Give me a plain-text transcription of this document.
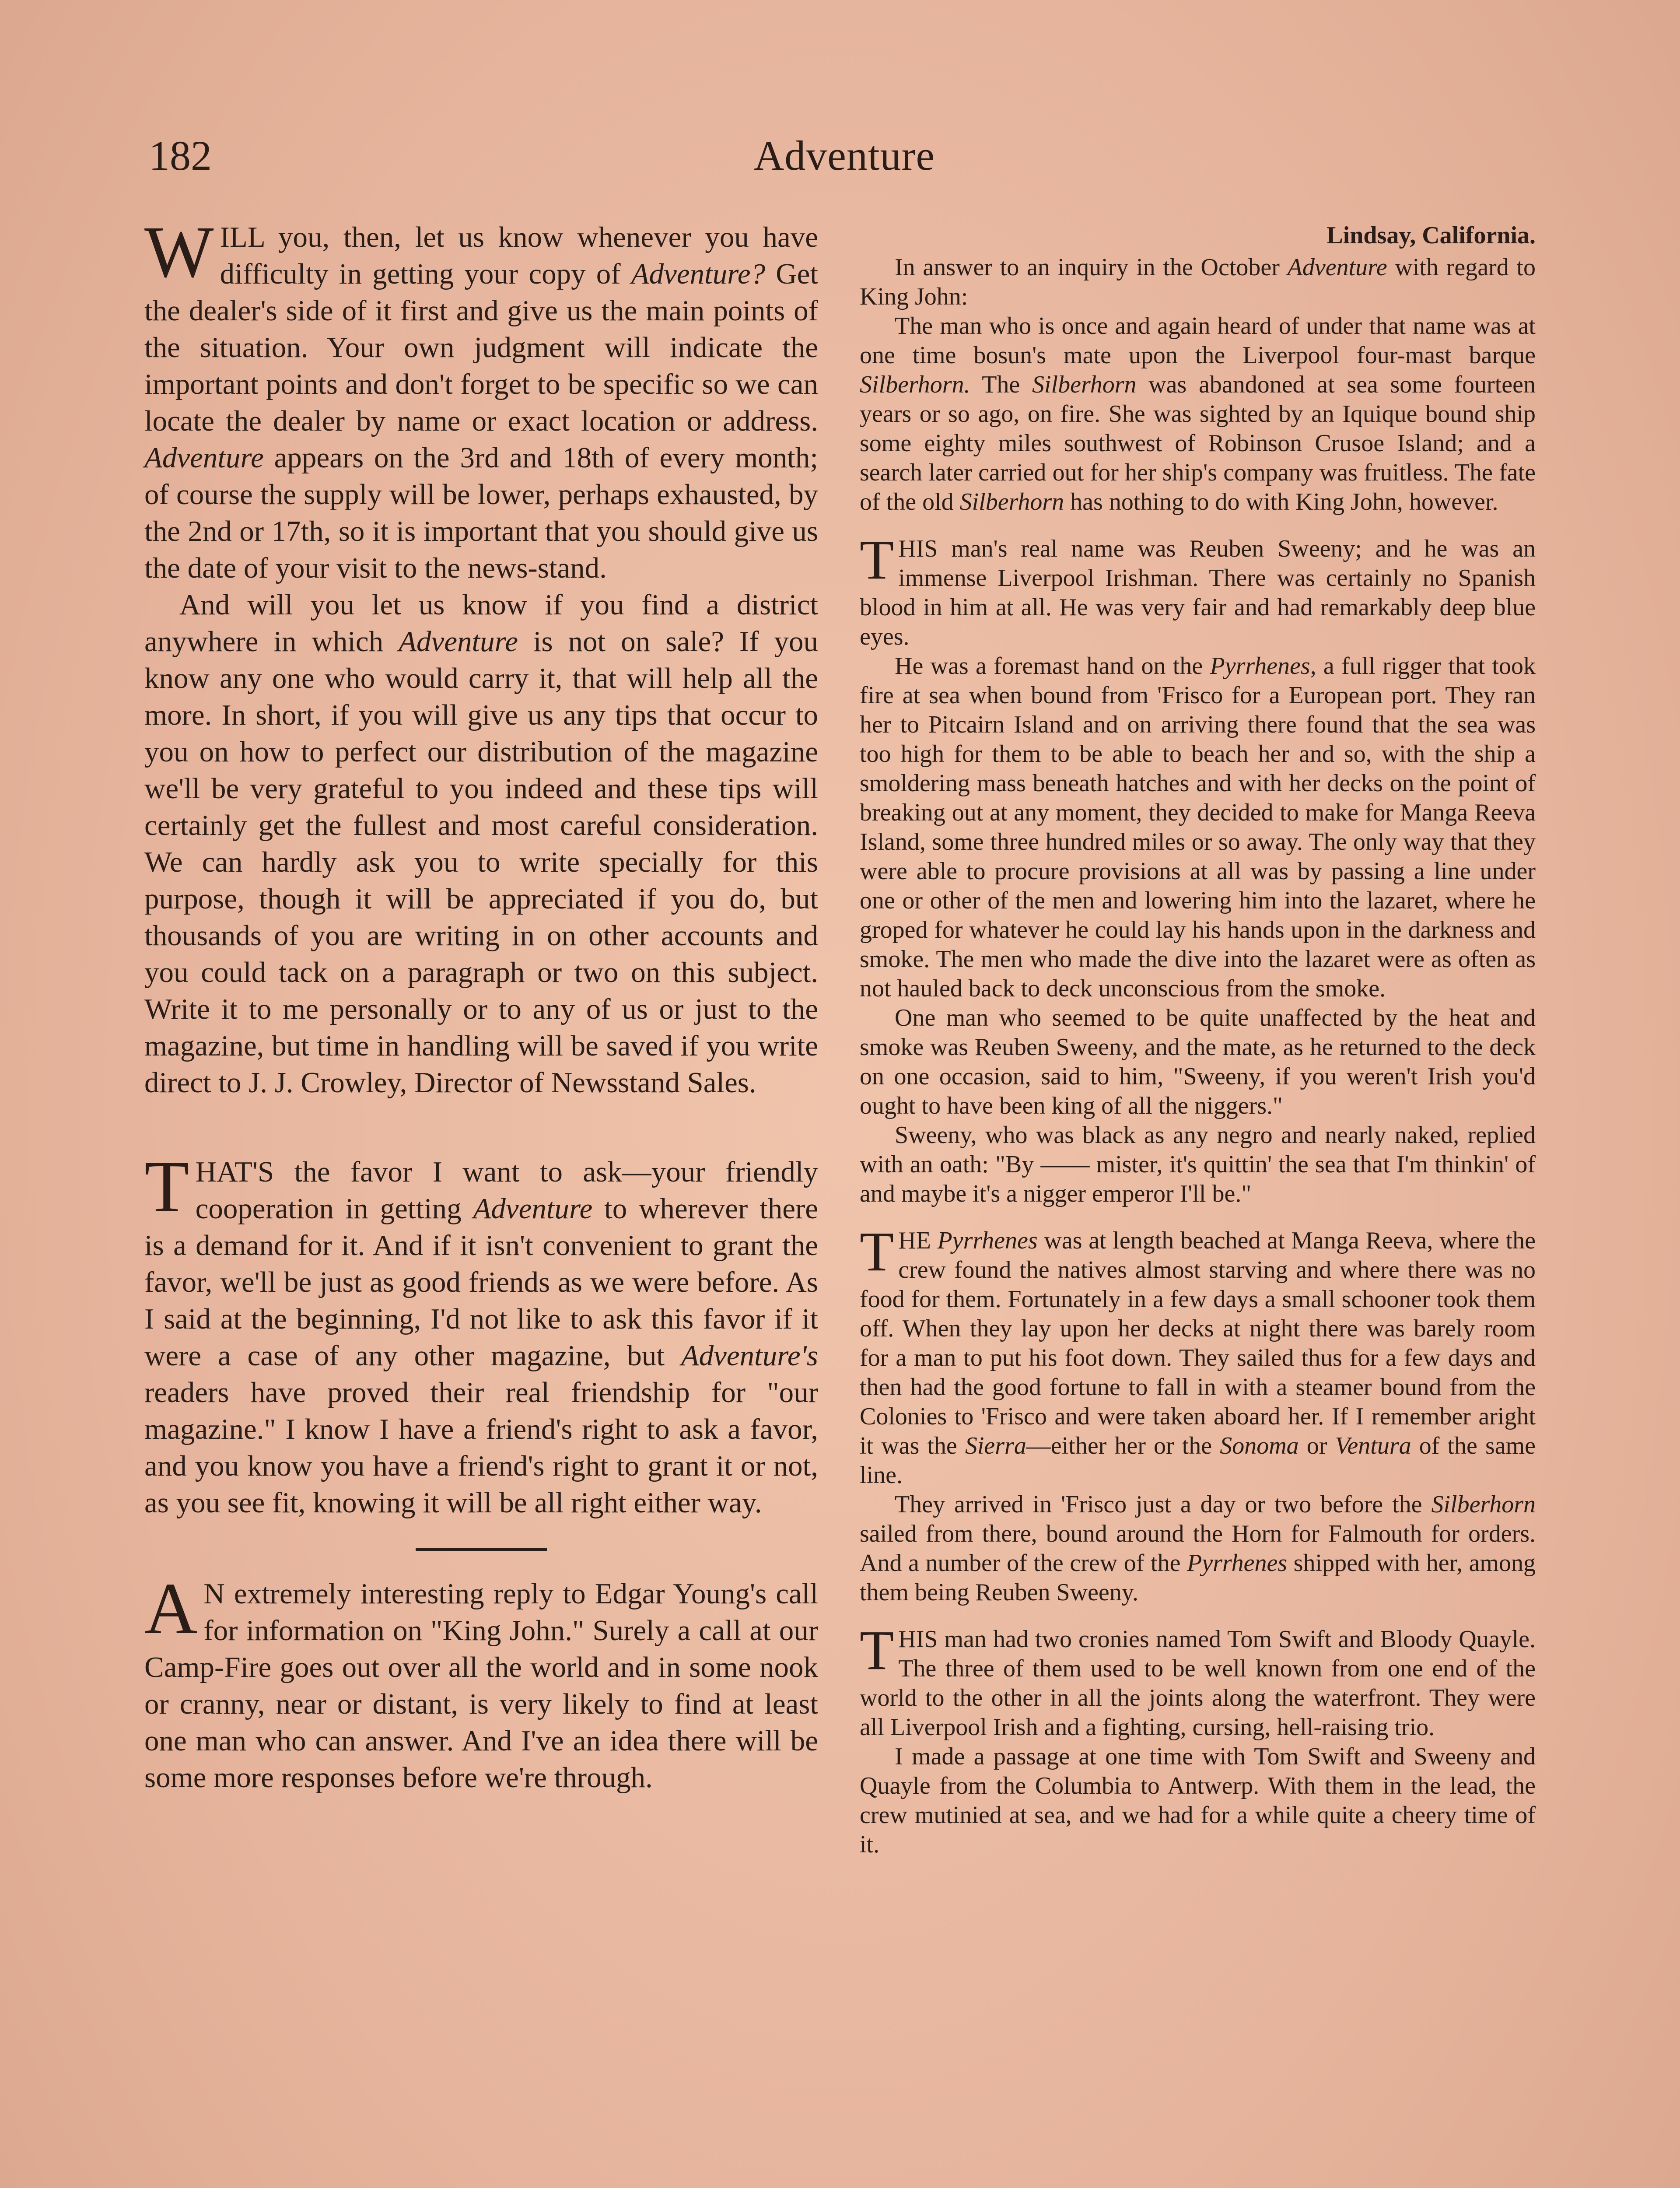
182	Adventure

WILL you, then, let us know whenever you have difficulty in getting your copy of Adventure? Get the dealer's side of it first and give us the main points of the situation. Your own judgment will indicate the important points and don't forget to be specific so we can locate the dealer by name or exact location or address. Adventure appears on the 3rd and 18th of every month; of course the supply will be lower, perhaps exhausted, by the 2nd or 17th, so it is important that you should give us the date of your visit to the news-stand.

And will you let us know if you find a district anywhere in which Adventure is not on sale? If you know any one who would carry it, that will help all the more. In short, if you will give us any tips that occur to you on how to perfect our distribution of the magazine we'll be very grateful to you indeed and these tips will certainly get the fullest and most careful consideration. We can hardly ask you to write specially for this purpose, though it will be appreciated if you do, but thousands of you are writing in on other accounts and you could tack on a paragraph or two on this subject. Write it to me personally or to any of us or just to the magazine, but time in handling will be saved if you write direct to J. J. Crowley, Director of Newsstand Sales.

THAT'S the favor I want to ask—your friendly cooperation in getting Adventure to wherever there is a demand for it. And if it isn't convenient to grant the favor, we'll be just as good friends as we were before. As I said at the beginning, I'd not like to ask this favor if it were a case of any other magazine, but Adventure's readers have proved their real friendship for "our magazine." I know I have a friend's right to ask a favor, and you know you have a friend's right to grant it or not, as you see fit, knowing it will be all right either way.

A N extremely interesting reply to Edgar Young's call for information on "King John." Surely a call at our Camp-Fire goes out over all the world and in some nook or cranny, near or distant, is very likely to find at least one man who can answer. And I've an idea there will be some more responses before we're through.

Lindsay, California.

In answer to an inquiry in the October Adventure with regard to King John:

The man who is once and again heard of under that name was at one time bosun's mate upon the Liverpool four-mast barque Silberhorn. The Silberhorn was abandoned at sea some fourteen years or so ago, on fire. She was sighted by an Iquique bound ship some eighty miles southwest of Robinson Crusoe Island; and a search later carried out for her ship's company was fruitless. The fate of the old Silberhorn has nothing to do with King John, however.

THIS man's real name was Reuben Sweeny; and he was an immense Liverpool Irishman. There was certainly no Spanish blood in him at all. He was very fair and had remarkably deep blue eyes.

He was a foremast hand on the Pyrrhenes, a full rigger that took fire at sea when bound from 'Frisco for a European port. They ran her to Pitcairn Island and on arriving there found that the sea was too high for them to be able to beach her and so, with the ship a smoldering mass beneath hatches and with her decks on the point of breaking out at any moment, they decided to make for Manga Reeva Island, some three hundred miles or so away. The only way that they were able to procure provisions at all was by passing a line under one or other of the men and lowering him into the lazaret, where he groped for whatever he could lay his hands upon in the darkness and smoke. The men who made the dive into the lazaret were as often as not hauled back to deck unconscious from the smoke.

One man who seemed to be quite unaffected by the heat and smoke was Reuben Sweeny, and the mate, as he returned to the deck on one occasion, said to him, "Sweeny, if you weren't Irish you'd ought to have been king of all the niggers."

Sweeny, who was black as any negro and nearly naked, replied with an oath: "By —— mister, it's quittin' the sea that I'm thinkin' of and maybe it's a nigger emperor I'll be."

THE Pyrrhenes was at length beached at Manga Reeva, where the crew found the natives almost starving and where there was no food for them. Fortunately in a few days a small schooner took them off. When they lay upon her decks at night there was barely room for a man to put his foot down. They sailed thus for a few days and then had the good fortune to fall in with a steamer bound from the Colonies to 'Frisco and were taken aboard her. If I remember aright it was the Sierra—either her or the Sonoma or Ventura of the same line.

They arrived in 'Frisco just a day or two before the Silberhorn sailed from there, bound around the Horn for Falmouth for orders. And a number of the crew of the Pyrrhenes shipped with her, among them being Reuben Sweeny.

THIS man had two cronies named Tom Swift and Bloody Quayle. The three of them used to be well known from one end of the world to the other in all the joints along the waterfront. They were all Liverpool Irish and a fighting, cursing, hell-raising trio.

I made a passage at one time with Tom Swift and Sweeny and Quayle from the Columbia to Antwerp. With them in the lead, the crew mutinied at sea, and we had for a while quite a cheery time of it.
